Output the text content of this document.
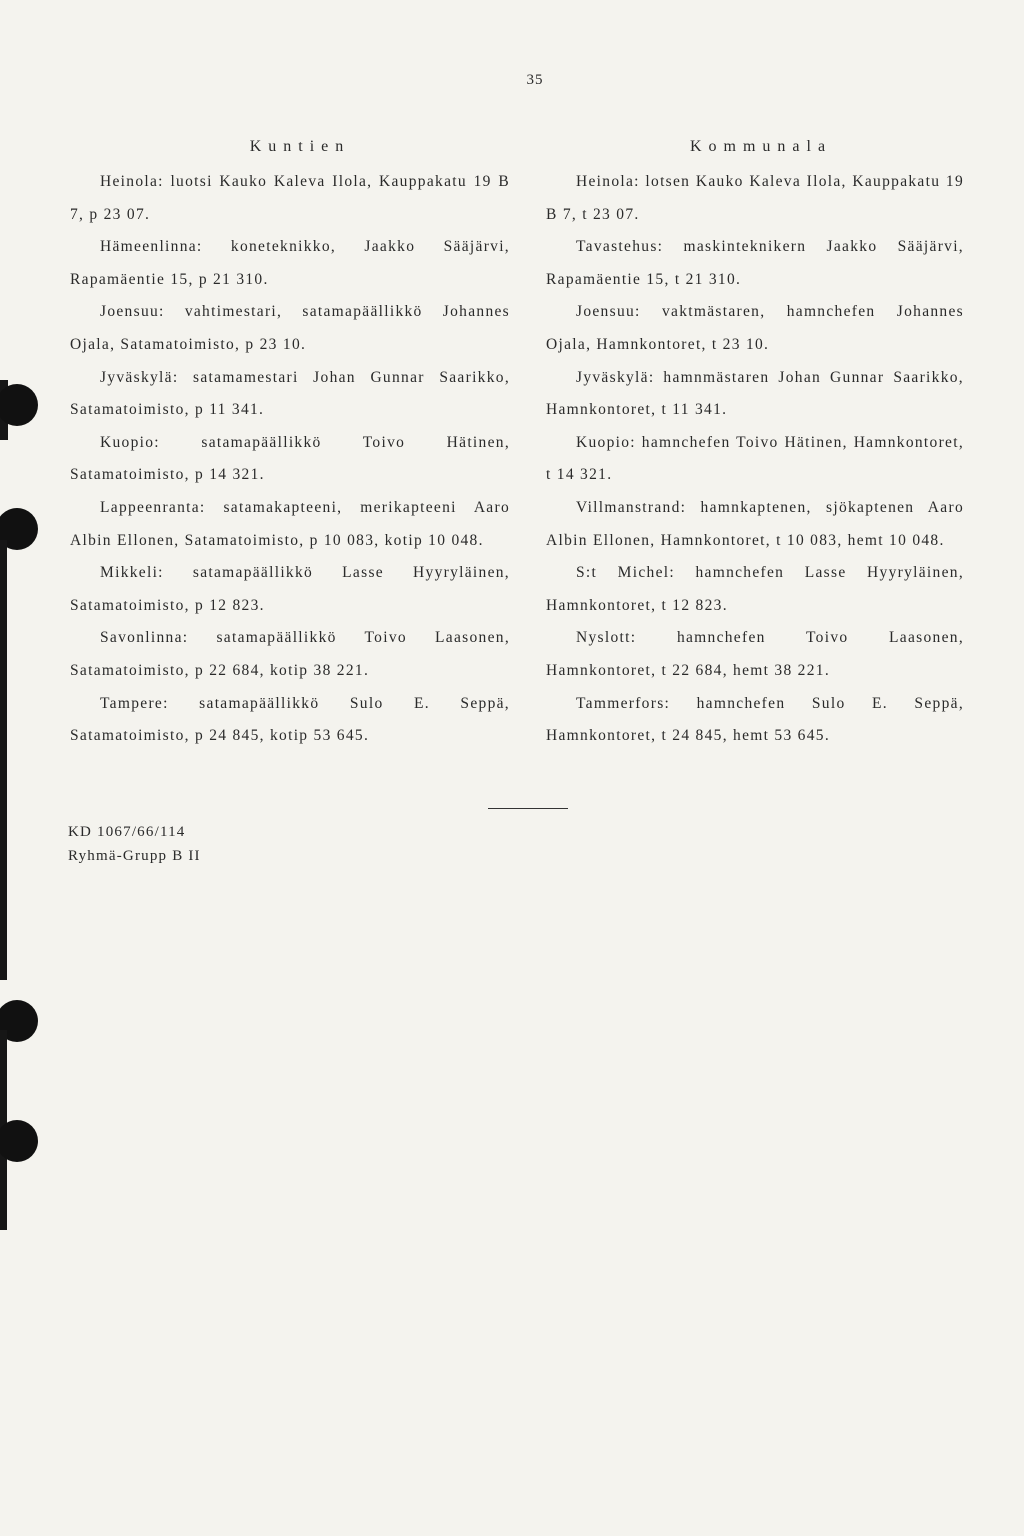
35
Kuntien

Heinola: luotsi Kauko Kaleva Ilola, Kauppakatu 19 B 7, p 23 07.

Hämeenlinna: koneteknikko, Jaakko Sääjärvi, Rapamäentie 15, p 21 310.

Joensuu: vahtimestari, satamapäällikkö Johannes Ojala, Satamatoimisto, p 23 10.

Jyväskylä: satamamestari Johan Gunnar Saarikko, Satamatoimisto, p 11 341.

Kuopio: satamapäällikkö Toivo Hätinen, Satamatoimisto, p 14 321.

Lappeenranta: satamakapteeni, merikapteeni Aaro Albin Ellonen, Satamatoimisto, p 10 083, kotip 10 048.

Mikkeli: satamapäällikkö Lasse Hyyryläinen, Satamatoimisto, p 12 823.

Savonlinna: satamapäällikkö Toivo Laasonen, Satamatoimisto, p 22 684, kotip 38 221.

Tampere: satamapäällikkö Sulo E. Seppä, Satamatoimisto, p 24 845, kotip 53 645.

Kommunala

Heinola: lotsen Kauko Kaleva Ilola, Kauppakatu 19 B 7, t 23 07.

Tavastehus: maskinteknikern Jaakko Sääjärvi, Rapamäentie 15, t 21 310.

Joensuu: vaktmästaren, hamnchefen Johannes Ojala, Hamnkontoret, t 23 10.

Jyväskylä: hamnmästaren Johan Gunnar Saarikko, Hamnkontoret, t 11 341.

Kuopio: hamnchefen Toivo Hätinen, Hamnkontoret, t 14 321.

Villmanstrand: hamnkaptenen, sjökaptenen Aaro Albin Ellonen, Hamnkontoret, t 10 083, hemt 10 048.

S:t Michel: hamnchefen Lasse Hyyryläinen, Hamnkontoret, t 12 823.

Nyslott: hamnchefen Toivo Laasonen, Hamnkontoret, t 22 684, hemt 38 221.

Tammerfors: hamnchefen Sulo E. Seppä, Hamnkontoret, t 24 845, hemt 53 645.

KD 1067/66/114
Ryhmä-Grupp B II
